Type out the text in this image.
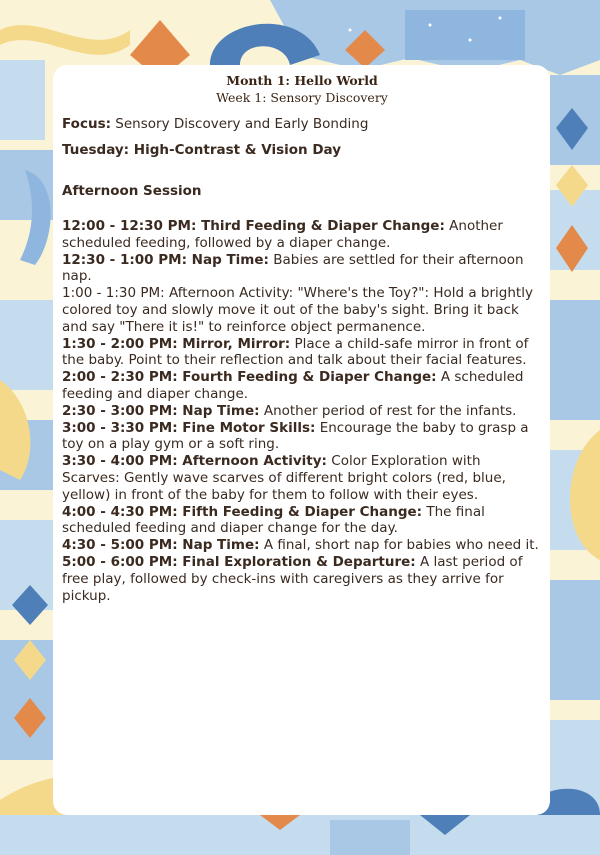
Month 1: Hello World

Week 1: Sensory Discovery

Focus: Sensory Discovery and Early Bonding

Tuesday: High-Contrast & Vision Day

Afternoon Session

12:00 - 12:30 PM: Third Feeding & Diaper Change: Another scheduled feeding, followed by a diaper change.

12:30 - 1:00 PM: Nap Time: Babies are settled for their afternoon nap.

1:00 - 1:30 PM: Afternoon Activity: "Where's the Toy?": Hold a brightly colored toy and slowly move it out of the baby's sight. Bring it back and say "There it is!" to reinforce object permanence.

1:30 - 2:00 PM: Mirror, Mirror: Place a child-safe mirror in front of the baby. Point to their reflection and talk about their facial features.

2:00 - 2:30 PM: Fourth Feeding & Diaper Change: A scheduled feeding and diaper change.

2:30 - 3:00 PM: Nap Time: Another period of rest for the infants.

3:00 - 3:30 PM: Fine Motor Skills: Encourage the baby to grasp a toy on a play gym or a soft ring.

3:30 - 4:00 PM: Afternoon Activity: Color Exploration with Scarves: Gently wave scarves of different bright colors (red, blue, yellow) in front of the baby for them to follow with their eyes.

4:00 - 4:30 PM: Fifth Feeding & Diaper Change: The final scheduled feeding and diaper change for the day.

4:30 - 5:00 PM: Nap Time: A final, short nap for babies who need it.

5:00 - 6:00 PM: Final Exploration & Departure: A last period of free play, followed by check-ins with caregivers as they arrive for pickup.
